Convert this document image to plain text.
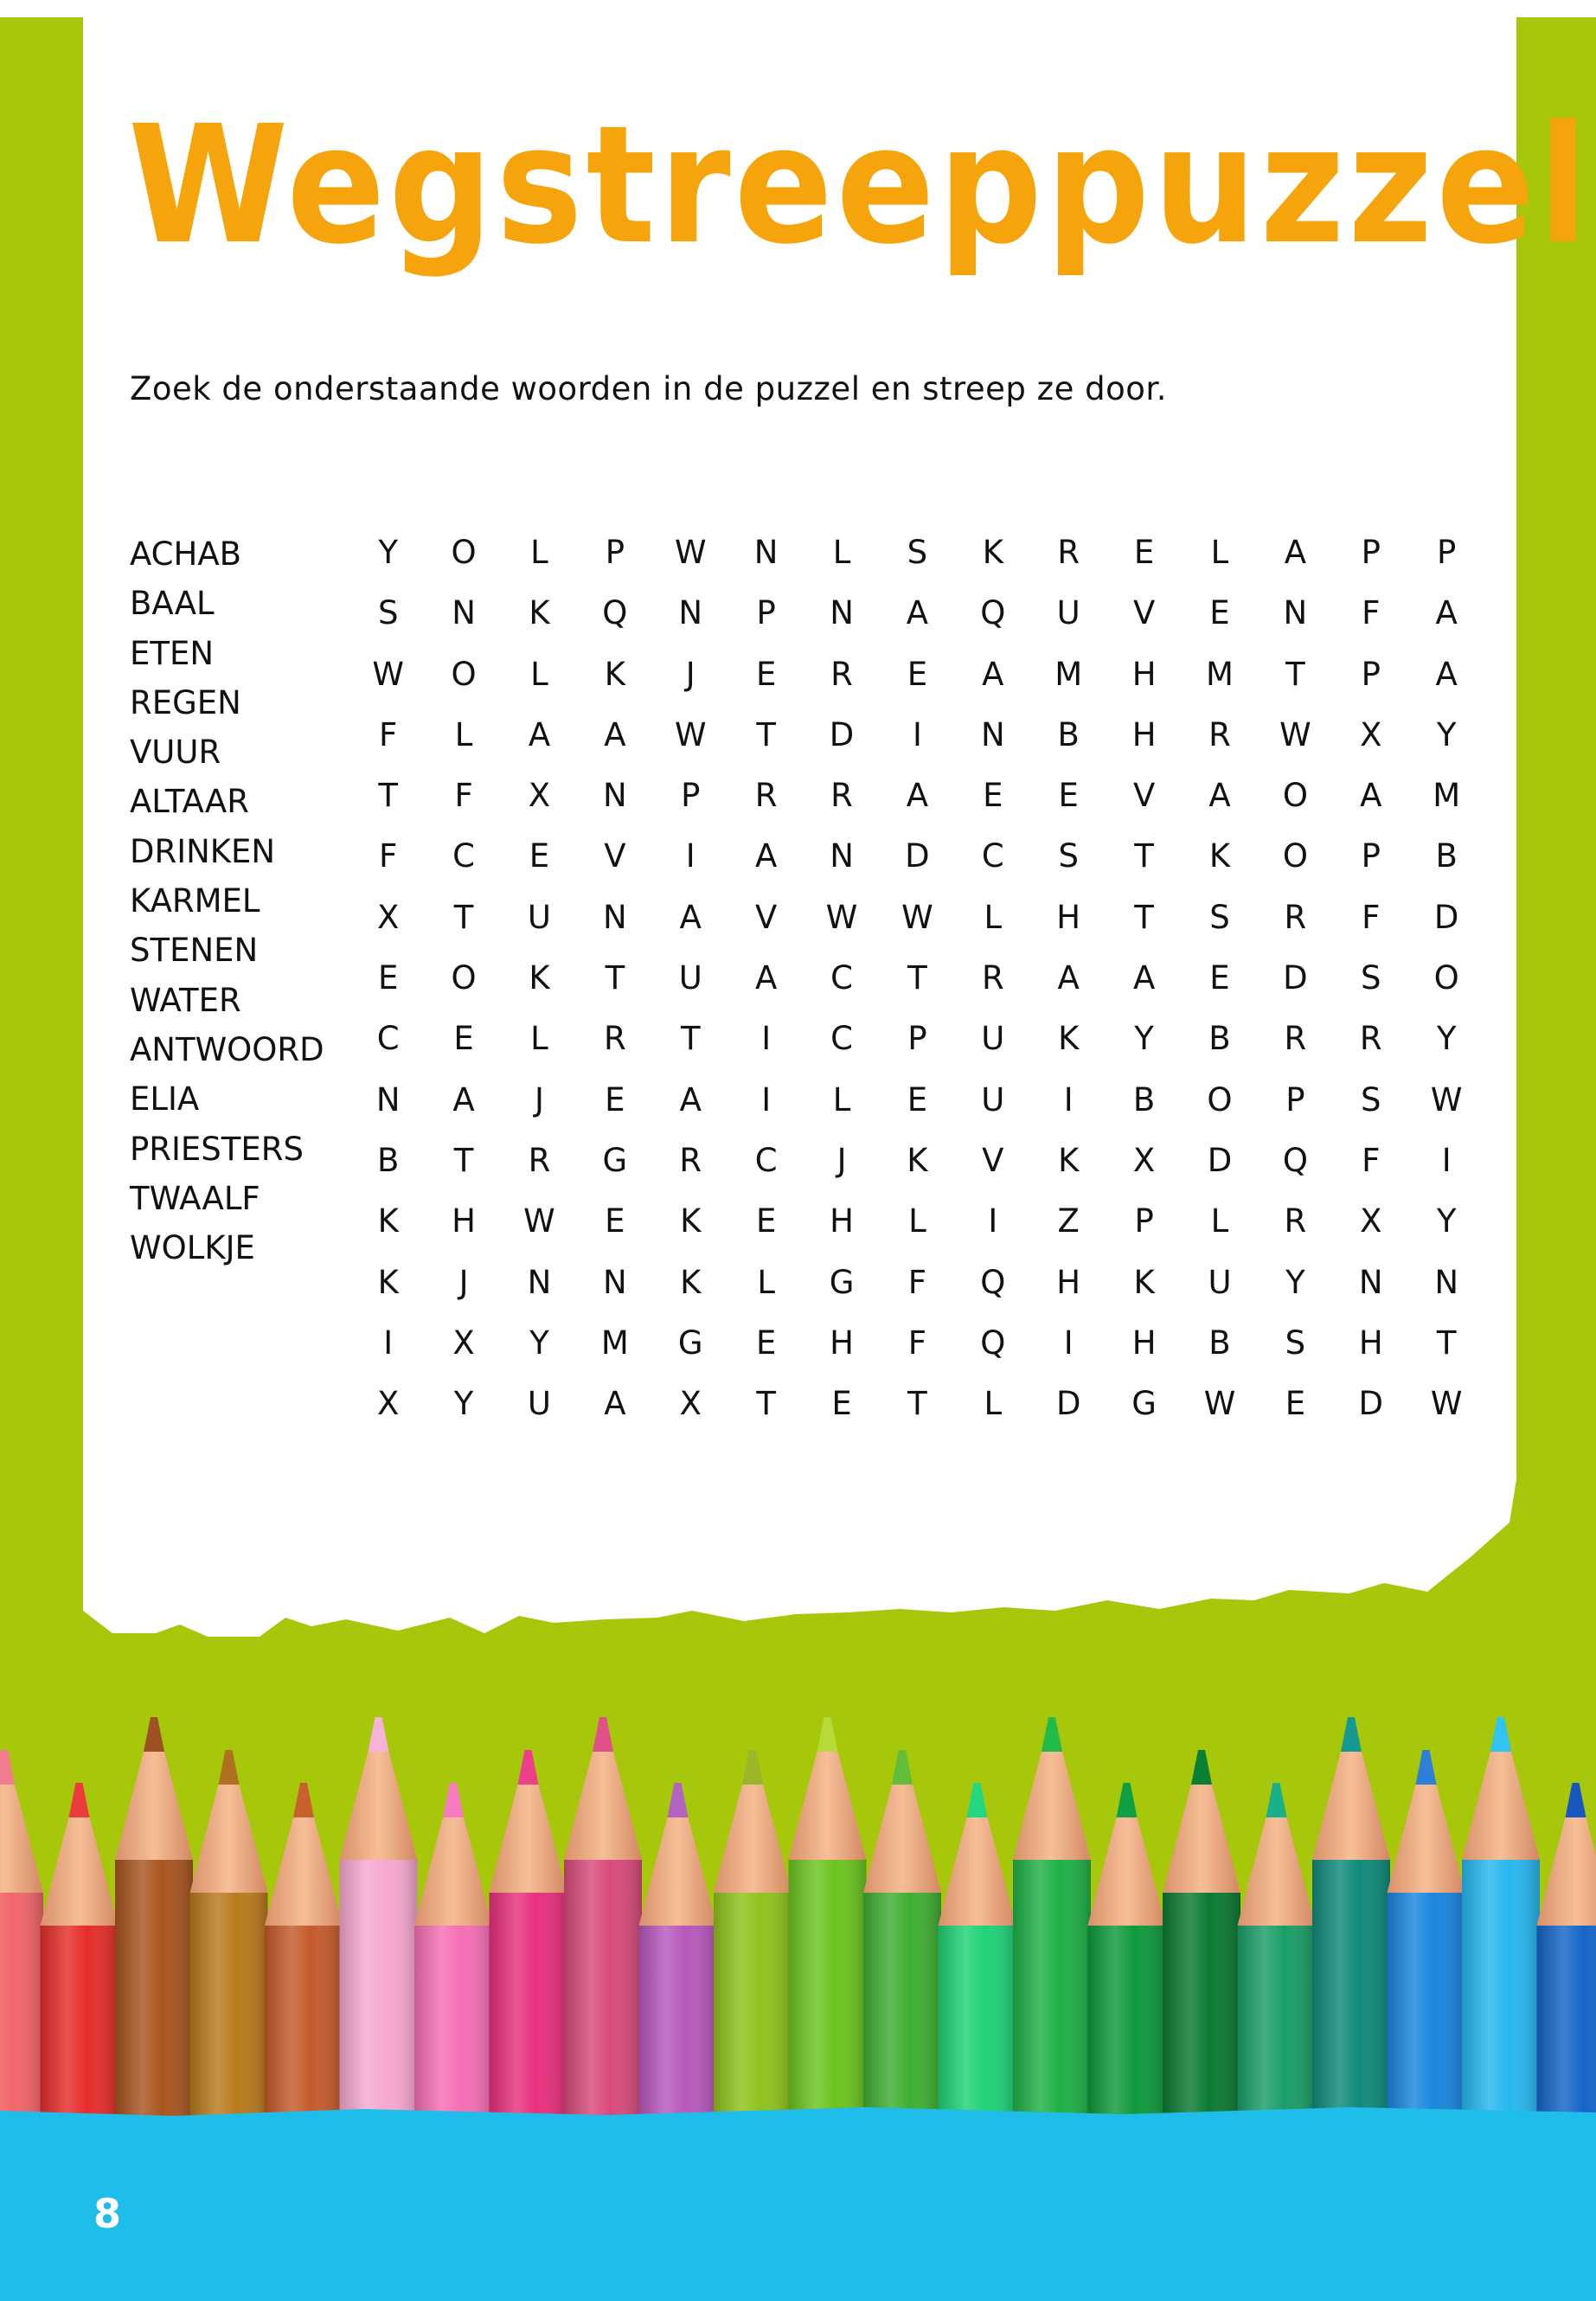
Wegstreeppuzzel

Zoek de onderstaande woorden in de puzzel en streep ze door.

ACHAB
BAAL
ETEN
REGEN
VUUR
ALTAAR
DRINKEN
KARMEL
STENEN
WATER
ANTWOORD
ELIA
PRIESTERS
TWAALF
WOLKJE
Y	O	L	P	W	N	L	S	K	R	E	L	A	P	P
S	N	K	Q	N	P	N	A	Q	U	V	E	N	F	A
W	O	L	K	J	E	R	E	A	M	H	M	T	P	A
F	L	A	A	W	T	D	I	N	B	H	R	W	X	Y
T	F	X	N	P	R	R	A	E	E	V	A	O	A	M
F	C	E	V	I	A	N	D	C	S	T	K	O	P	B
X	T	U	N	A	V	W	W	L	H	T	S	R	F	D
E	O	K	T	U	A	C	T	R	A	A	E	D	S	O
C	E	L	R	T	I	C	P	U	K	Y	B	R	R	Y
N	A	J	E	A	I	L	E	U	I	B	O	P	S	W
B	T	R	G	R	C	J	K	V	K	X	D	Q	F	I
K	H	W	E	K	E	H	L	I	Z	P	L	R	X	Y
K	J	N	N	K	L	G	F	Q	H	K	U	Y	N	N
I	X	Y	M	G	E	H	F	Q	I	H	B	S	H	T
X	Y	U	A	X	T	E	T	L	D	G	W	E	D	W

8
